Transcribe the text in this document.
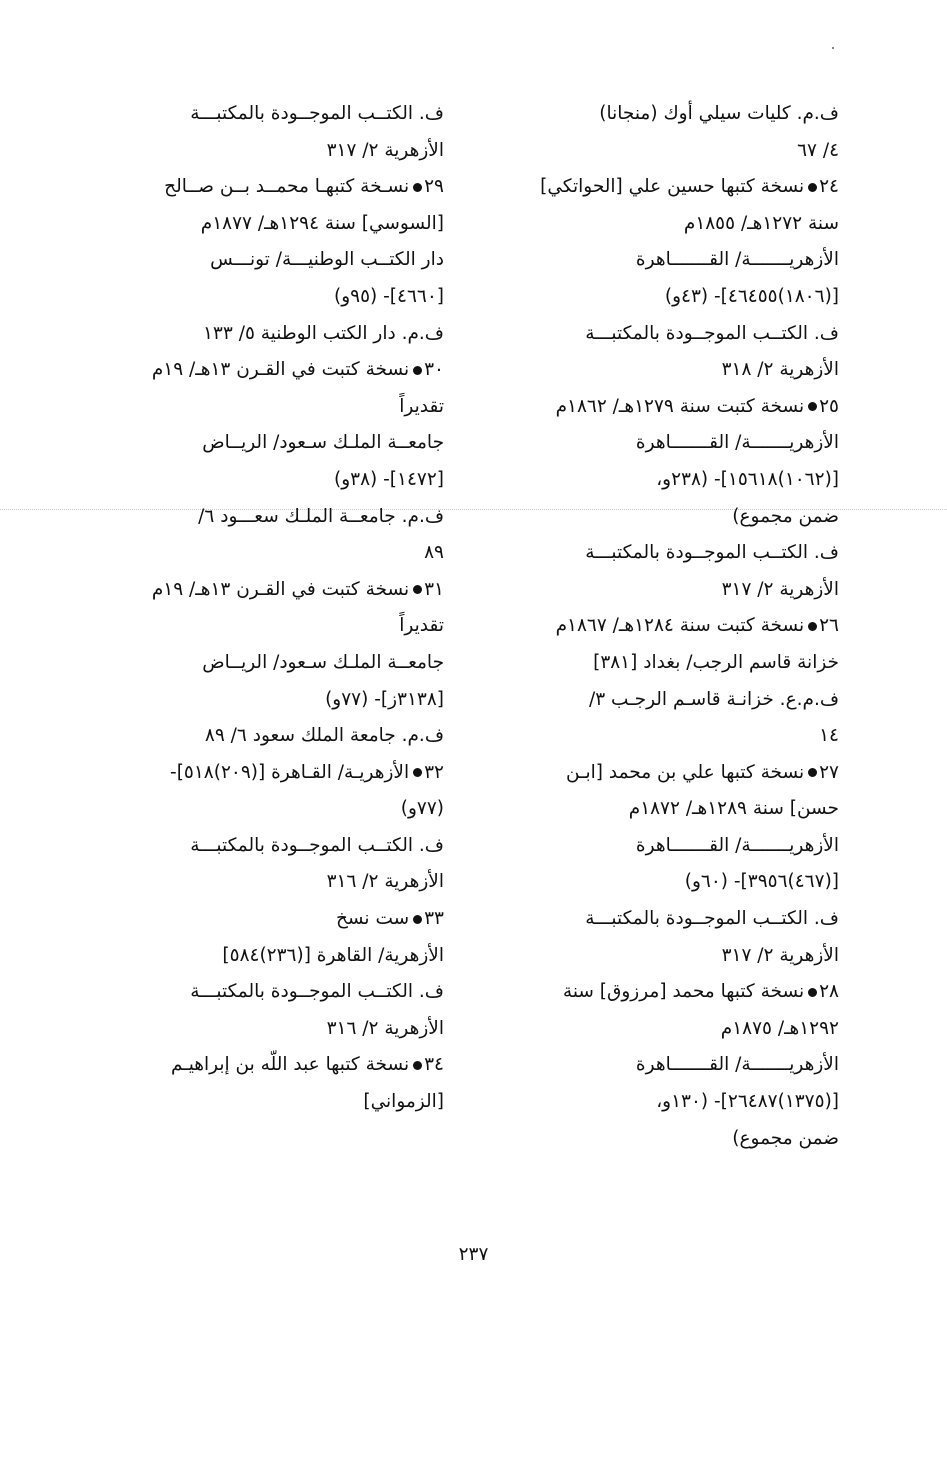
ف.م. كليات سيلي أوك (منجانا)
٤/ ٦٧
٢٤نسخة كتبها حسين علي [الحواتكي]
سنة ١٢٧٢هـ/ ١٨٥٥م
الأزهريـــــــة/ القـــــــاهرة
[(١٨٠٦)٤٦٤٥٥]- (٤٣و)
ف. الكتــب الموجــودة بالمكتبـــة
الأزهرية ٢/ ٣١٨
٢٥نسخة كتبت سنة ١٢٧٩هـ/ ١٨٦٢م
الأزهريـــــــة/ القـــــــاهرة
[(١٠٦٢)١٥٦١٨]- (٢٣٨و،
ضمن مجموع)
ف. الكتــب الموجــودة بالمكتبـــة
الأزهرية ٢/ ٣١٧
٢٦نسخة كتبت سنة ١٢٨٤هـ/ ١٨٦٧م
خزانة قاسم الرجب/ بغداد [٣٨١]
ف.م.ع. خزانـة قاسـم الرجـب ٣/
١٤
٢٧نسخة كتبها علي بن محمد [ابـن
حسن] سنة ١٢٨٩هـ/ ١٨٧٢م
الأزهريـــــــة/ القـــــــاهرة
[(٤٦٧)٣٩٥٦]- (٦٠و)
ف. الكتــب الموجــودة بالمكتبـــة
الأزهرية ٢/ ٣١٧
٢٨نسخة كتبها محمد [مرزوق] سنة
١٢٩٢هـ/ ١٨٧٥م
الأزهريـــــــة/ القـــــــاهرة
[(١٣٧٥)٢٦٤٨٧]- (١٣٠و،
ضمن مجموع)
ف. الكتــب الموجــودة بالمكتبـــة
الأزهرية ٢/ ٣١٧
٢٩نسـخة كتبهـا محمــد بــن صــالح
[السوسي] سنة ١٢٩٤هـ/ ١٨٧٧م
دار الكتــب الوطنيـــة/ تونـــس
[٤٦٦٠]- (٩٥و)
ف.م. دار الكتب الوطنية ٥/ ١٣٣
٣٠نسخة كتبت في القـرن ١٣هـ/ ١٩م
تقديراً
جامعــة الملـك سـعود/ الريــاض
[١٤٧٢]- (٣٨و)
ف.م. جامعــة الملـك سعـــود ٦/
٨٩
٣١نسخة كتبت في القـرن ١٣هـ/ ١٩م
تقديراً
جامعــة الملـك سـعود/ الريــاض
[٣١٣٨ز]- (٧٧و)
ف.م. جامعة الملك سعود ٦/ ٨٩
٣٢الأزهريـة/ القـاهرة [(٢٠٩)٥١٨]-
(٧٧و)
ف. الكتــب الموجــودة بالمكتبـــة
الأزهرية ٢/ ٣١٦
٣٣ست نسخ
الأزهرية/ القاهرة [(٢٣٦)٥٨٤]
ف. الكتــب الموجــودة بالمكتبـــة
الأزهرية ٢/ ٣١٦
٣٤نسخة كتبها عبد اللّه بن إبراهيـم
[الزمواني]
٢٣٧
